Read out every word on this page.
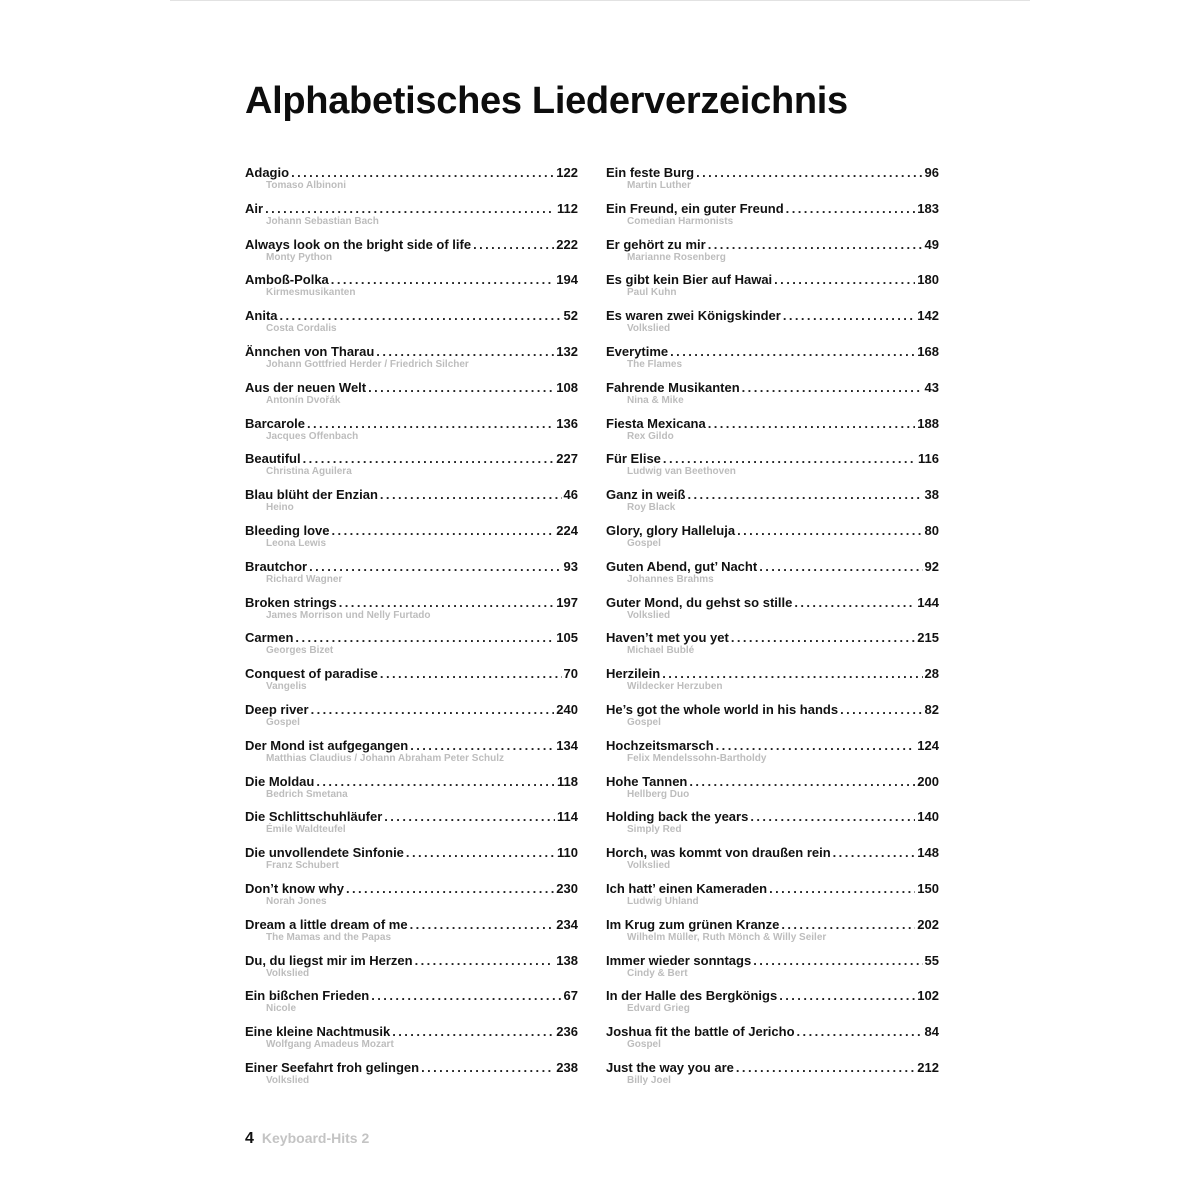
Alphabetisches Liederverzeichnis
Adagio . . .	122
Tomaso Albinoni
Air . . .	112
Johann Sebastian Bach
Always look on the bright side of life . . .	222
Monty Python
Amboß-Polka . . .	194
Kirmesmusikanten
Anita . . .	52
Costa Cordalis
Ännchen von Tharau . . .	132
Johann Gottfried Herder / Friedrich Silcher
Aus der neuen Welt . . .	108
Antonín Dvořák
Barcarole . . .	136
Jacques Offenbach
Beautiful . . .	227
Christina Aguilera
Blau blüht der Enzian . . .	46
Heino
Bleeding love . . .	224
Leona Lewis
Brautchor . . .	93
Richard Wagner
Broken strings . . .	197
James Morrison und Nelly Furtado
Carmen . . .	105
Georges Bizet
Conquest of paradise . . .	70
Vangelis
Deep river . . .	240
Gospel
Der Mond ist aufgegangen . . .	134
Matthias Claudius / Johann Abraham Peter Schulz
Die Moldau . . .	118
Bedrich Smetana
Die Schlittschuhläufer . . .	114
Émile Waldteufel
Die unvollendete Sinfonie . . .	110
Franz Schubert
Don’t know why . . .	230
Norah Jones
Dream a little dream of me . . .	234
The Mamas and the Papas
Du, du liegst mir im Herzen . . .	138
Volkslied
Ein bißchen Frieden . . .	67
Nicole
Eine kleine Nachtmusik . . .	236
Wolfgang Amadeus Mozart
Einer Seefahrt froh gelingen . . .	238
Volkslied
Ein feste Burg . . .	96
Martin Luther
Ein Freund, ein guter Freund . . .	183
Comedian Harmonists
Er gehört zu mir . . .	49
Marianne Rosenberg
Es gibt kein Bier auf Hawai . . .	180
Paul Kuhn
Es waren zwei Königskinder . . .	142
Volkslied
Everytime . . .	168
The Flames
Fahrende Musikanten . . .	43
Nina & Mike
Fiesta Mexicana . . .	188
Rex Gildo
Für Elise . . .	116
Ludwig van Beethoven
Ganz in weiß . . .	38
Roy Black
Glory, glory Halleluja . . .	80
Gospel
Guten Abend, gut’ Nacht . . .	92
Johannes Brahms
Guter Mond, du gehst so stille . . .	144
Volkslied
Haven’t met you yet . . .	215
Michael Bublé
Herzilein . . .	28
Wildecker Herzuben
He’s got the whole world in his hands . . .	82
Gospel
Hochzeitsmarsch . . .	124
Felix Mendelssohn-Bartholdy
Hohe Tannen . . .	200
Hellberg Duo
Holding back the years . . .	140
Simply Red
Horch, was kommt von draußen rein . . .	148
Volkslied
Ich hatt’ einen Kameraden . . .	150
Ludwig Uhland
Im Krug zum grünen Kranze . . .	202
Wilhelm Müller, Ruth Mönch & Willy Seiler
Immer wieder sonntags . . .	55
Cindy & Bert
In der Halle des Bergkönigs . . .	102
Edvard Grieg
Joshua fit the battle of Jericho . . .	84
Gospel
Just the way you are . . .	212
Billy Joel
4 Keyboard-Hits 2
